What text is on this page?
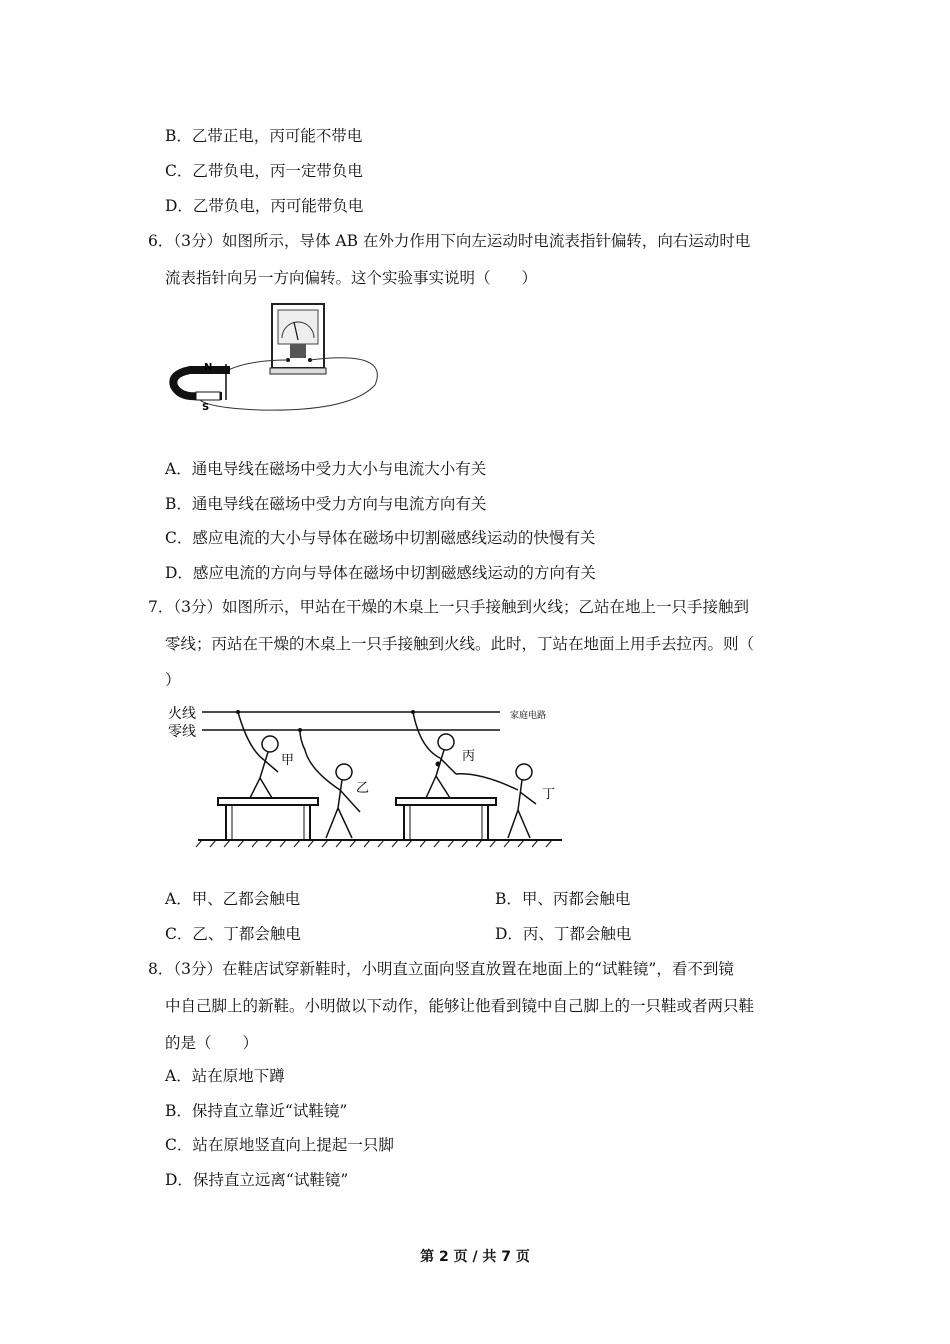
B．乙带正电，丙可能不带电
C．乙带负电，丙一定带负电
D．乙带负电，丙可能带负电
6．（3分）如图所示，导体 AB 在外力作用下向左运动时电流表指针偏转，向右运动时电
流表指针向另一方向偏转。这个实验事实说明（　　）
N
S
A．通电导线在磁场中受力大小与电流大小有关
B．通电导线在磁场中受力方向与电流方向有关
C．感应电流的大小与导体在磁场中切割磁感线运动的快慢有关
D．感应电流的方向与导体在磁场中切割磁感线运动的方向有关
7．（3分）如图所示，甲站在干燥的木桌上一只手接触到火线；乙站在地上一只手接触到
零线；丙站在干燥的木桌上一只手接触到火线。此时，丁站在地面上用手去拉丙。则（
）
火线
零线
家庭电路
甲
乙
丙
丁
A．甲、乙都会触电	B．甲、丙都会触电
C．乙、丁都会触电	D．丙、丁都会触电
8．（3分）在鞋店试穿新鞋时，小明直立面向竖直放置在地面上的“试鞋镜”，看不到镜
中自己脚上的新鞋。小明做以下动作，能够让他看到镜中自己脚上的一只鞋或者两只鞋
的是（　　）
A．站在原地下蹲
B．保持直立靠近“试鞋镜”
C．站在原地竖直向上提起一只脚
D．保持直立远离“试鞋镜”
第 2 页 / 共 7 页
